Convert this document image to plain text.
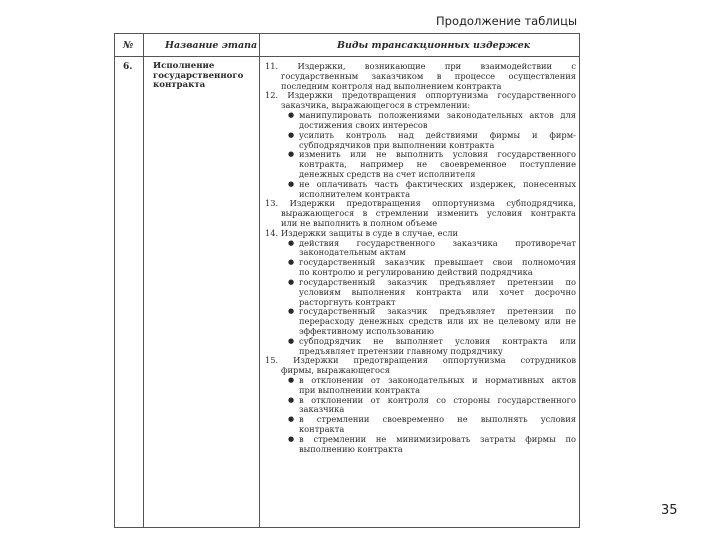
Продолжение таблицы
№	Название этапа	Виды трансакционных издержек
6. Исполнение
государственного
контракта
11. Издержки, возникающие при взаимодействии с
государственным заказчиком в процессе осуществления
последним контроля над выполнением контракта
12. Издержки предотвращения оппортунизма государственного
заказчика, выражающегося в стремлении:
● манипулировать положениями законодательных актов для
достижения своих интересов
● усилить контроль над действиями фирмы и фирм-
субподрядчиков при выполнении контракта
● изменить или не выполнить условия государственного
контракта, например не своевременное поступление
денежных средств на счет исполнителя
● не оплачивать часть фактических издержек, понесенных
исполнителем контракта
13. Издержки предотвращения оппортунизма субподрядчика,
выражающегося в стремлении изменить условия контракта
или не выполнить в полном объеме
14. Издержки защиты в суде в случае, если
● действия государственного заказчика противоречат
законодательным актам
● государственный заказчик превышает свои полномочия
по контролю и регулированию действий подрядчика
● государственный заказчик предъявляет претензии по
условиям выполнения контракта или хочет досрочно
расторгнуть контракт
● государственный заказчик предъявляет претензии по
перерасходу денежных средств или их не целевому или не
эффективному использованию
● субподрядчик не выполняет условия контракта или
предъявляет претензии главному подрядчику
15. Издержки предотвращения оппортунизма сотрудников
фирмы, выражающегося
● в отклонении от законодательных и нормативных актов
при выполнении контракта
● в отклонении от контроля со стороны государственного
заказчика
● в стремлении своевременно не выполнять условия
контракта
● в стремлении не минимизировать затраты фирмы по
выполнению контракта
35
